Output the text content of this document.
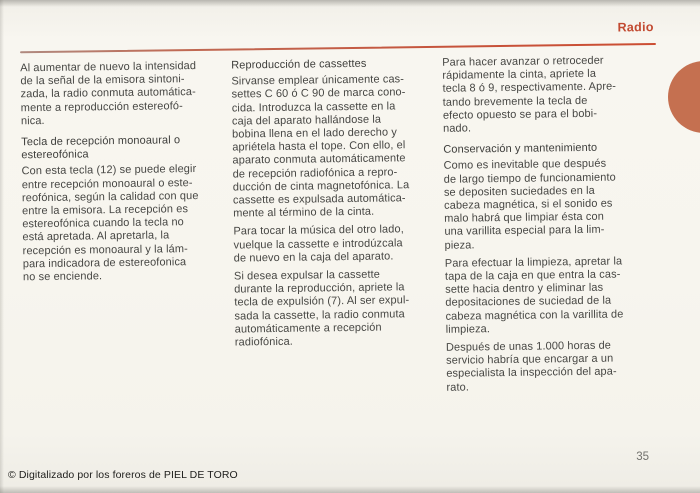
Radio

Al aumentar de nuevo la intensidad
de la señal de la emisora sintoni-
zada, la radio conmuta automática-
mente a reproducción estereofó-
nica.

Tecla de recepción monoaural o
estereofónica

Con esta tecla (12) se puede elegir
entre recepción monoaural o este-
reofónica, según la calidad con que
entre la emisora. La recepción es
estereofónica cuando la tecla no
está apretada. Al apretarla, la
recepción es monoaural y la lám-
para indicadora de estereofonica
no se enciende.

Reproducción de cassettes

Sirvanse emplear únicamente cas-
settes C 60 ó C 90 de marca cono-
cida. Introduzca la cassette en la
caja del aparato hallándose la
bobina llena en el lado derecho y
apriétela hasta el tope. Con ello, el
aparato conmuta automáticamente
de recepción radiofónica a repro-
ducción de cinta magnetofónica. La
cassette es expulsada automática-
mente al término de la cinta.

Para tocar la música del otro lado,
vuelque la cassette e introdúzcala
de nuevo en la caja del aparato.

Si desea expulsar la cassette
durante la reproducción, apriete la
tecla de expulsión (7). Al ser expul-
sada la cassette, la radio conmuta
automáticamente a recepción
radiofónica.

Para hacer avanzar o retroceder
rápidamente la cinta, apriete la
tecla 8 ó 9, respectivamente. Apre-
tando brevemente la tecla de
efecto opuesto se para el bobi-
nado.

Conservación y mantenimiento

Como es inevitable que después
de largo tiempo de funcionamiento
se depositen suciedades en la
cabeza magnética, si el sonido es
malo habrá que limpiar ésta con
una varillita especial para la lim-
pieza.

Para efectuar la limpieza, apretar la
tapa de la caja en que entra la cas-
sette hacia dentro y eliminar las
depositaciones de suciedad de la
cabeza magnética con la varillita de
limpieza.

Después de unas 1.000 horas de
servicio habría que encargar a un
especialista la inspección del apa-
rato.

35
© Digitalizado por los foreros de PIEL DE TORO
